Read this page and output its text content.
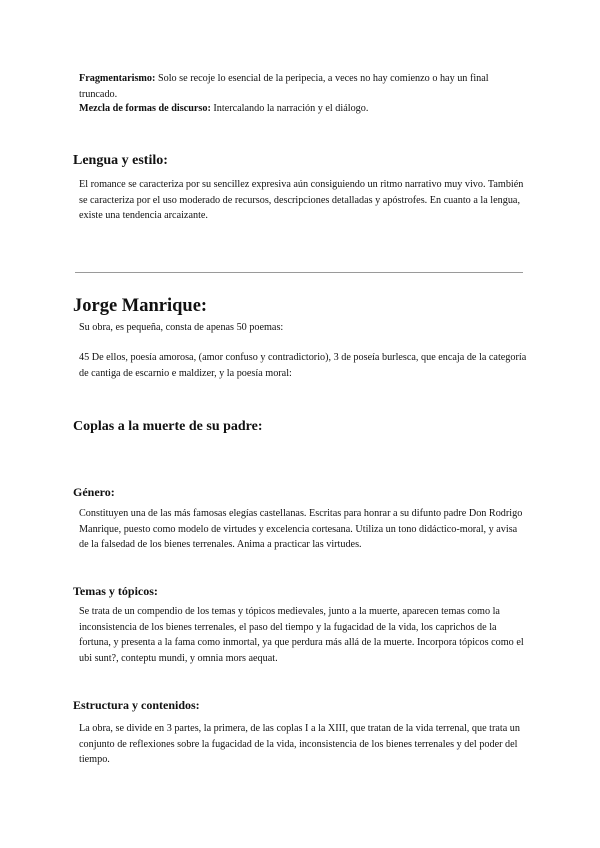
Fragmentarismo: Solo se recoje lo esencial de la peripecia, a veces no hay comienzo o hay un final truncado.

Mezcla de formas de discurso: Intercalando la narración y el diálogo.

Lengua y estilo:

El romance se caracteriza por su sencillez expresiva aún consiguiendo un ritmo narrativo muy vivo. También se caracteriza por el uso moderado de recursos, descripciones detalladas y apóstrofes. En cuanto a la lengua, existe una tendencia arcaizante.

Jorge Manrique:

Su obra, es pequeña, consta de apenas 50 poemas:

45 De ellos, poesía amorosa, (amor confuso y contradictorio), 3 de poseía burlesca, que encaja de la categoría de cantiga de escarnio e maldizer, y la poesía moral:

Coplas a la muerte de su padre:
Género:

Constituyen una de las más famosas elegías castellanas. Escritas para honrar a su difunto padre Don Rodrigo Manrique, puesto como modelo de virtudes y excelencia cortesana. Utiliza un tono didáctico-moral, y avisa de la falsedad de los bienes terrenales. Anima a practicar las virtudes.

Temas y tópicos:

Se trata de un compendio de los temas y tópicos medievales, junto a la muerte, aparecen temas como la inconsistencia de los bienes terrenales, el paso del tiempo y la fugacidad de la vida, los caprichos de la fortuna, y presenta a la fama como inmortal, ya que perdura más allá de la muerte. Incorpora tópicos como el ubi sunt?, conteptu mundi, y omnia mors aequat.

Estructura y contenidos:

La obra, se divide en 3 partes, la primera, de las coplas I a la XIII, que tratan de la vida terrenal, que trata un conjunto de reflexiones sobre la fugacidad de la vida, inconsistencia de los bienes terrenales y del poder del tiempo.
